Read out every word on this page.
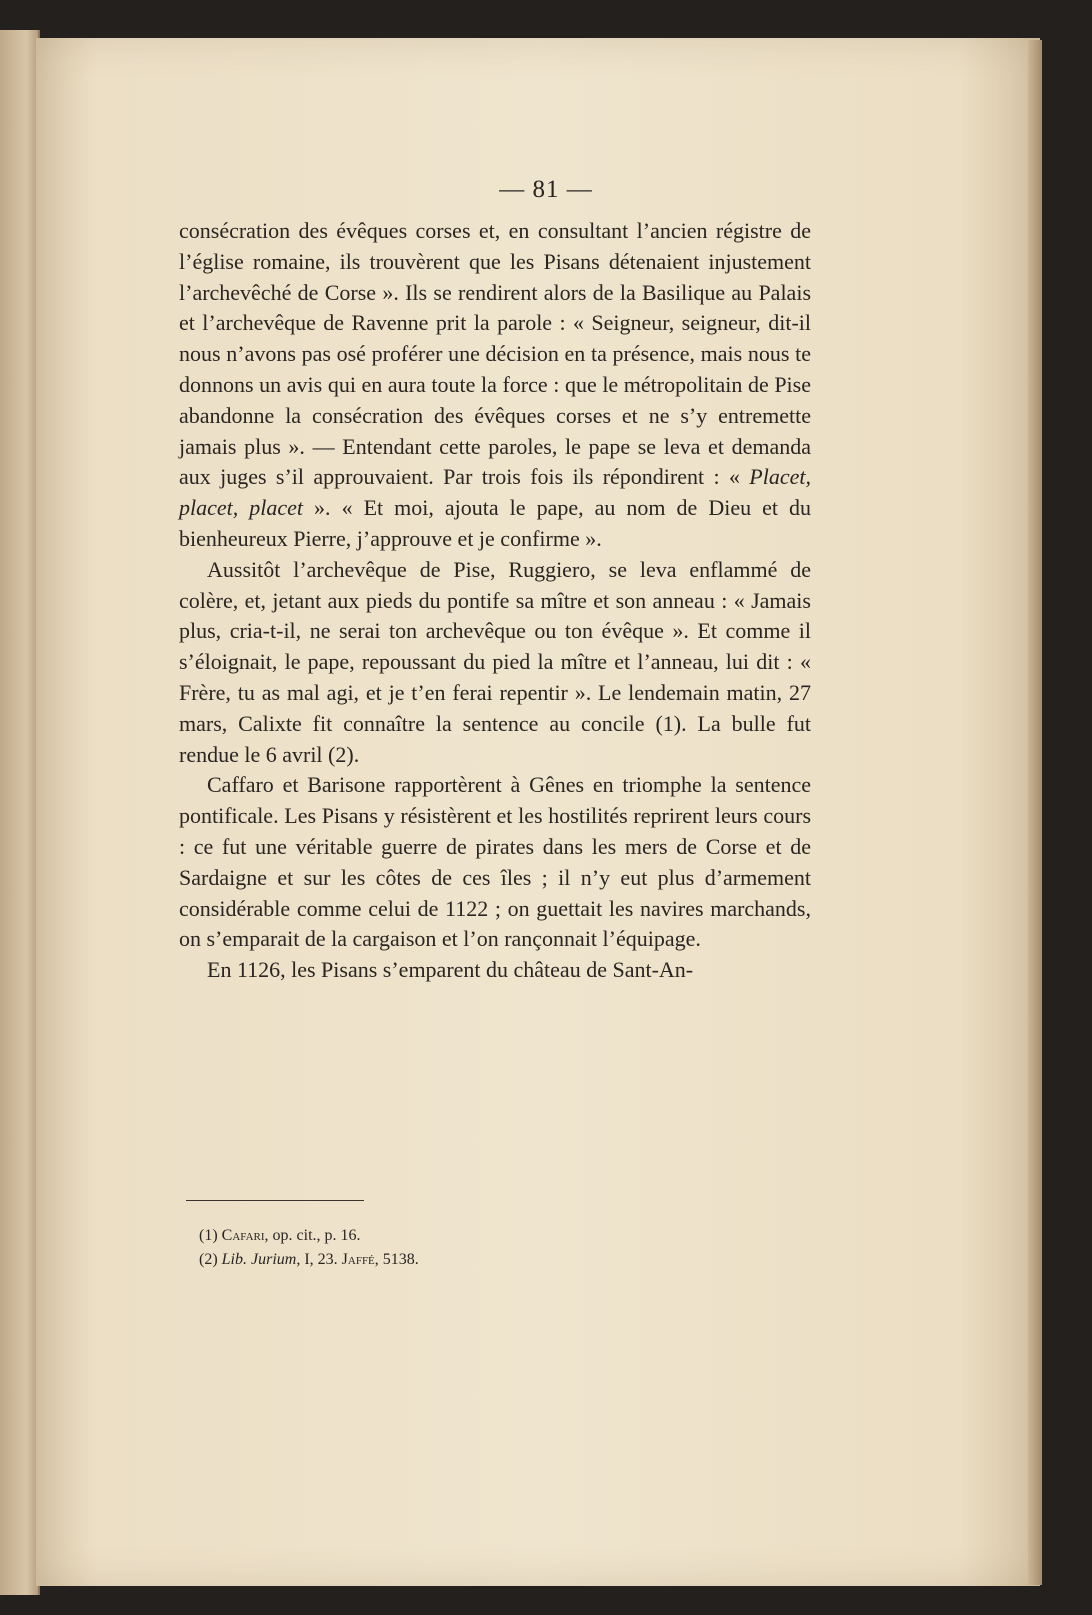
— 81 —

consécration des évêques corses et, en consultant l’ancien régistre de l’église romaine, ils trouvèrent que les Pisans détenaient injustement l’archevêché de Corse ». Ils se rendirent alors de la Basilique au Palais et l’archevêque de Ravenne prit la parole : « Seigneur, seigneur, dit-il nous n’avons pas osé proférer une décision en ta présence, mais nous te donnons un avis qui en aura toute la force : que le métropolitain de Pise abandonne la consécration des évêques corses et ne s’y entremette jamais plus ». — Entendant cette paroles, le pape se leva et demanda aux juges s’il approuvaient. Par trois fois ils répondirent : « Placet, placet, placet ». « Et moi, ajouta le pape, au nom de Dieu et du bienheureux Pierre, j’approuve et je confirme ».

Aussitôt l’archevêque de Pise, Ruggiero, se leva enflammé de colère, et, jetant aux pieds du pontife sa mître et son anneau : « Jamais plus, cria-t-il, ne serai ton archevêque ou ton évêque ». Et comme il s’éloignait, le pape, repoussant du pied la mître et l’anneau, lui dit : « Frère, tu as mal agi, et je t’en ferai repentir ». Le lendemain matin, 27 mars, Calixte fit connaître la sentence au concile (1). La bulle fut rendue le 6 avril (2).

Caffaro et Barisone rapportèrent à Gênes en triomphe la sentence pontificale. Les Pisans y résistèrent et les hostilités reprirent leurs cours : ce fut une véritable guerre de pirates dans les mers de Corse et de Sardaigne et sur les côtes de ces îles ; il n’y eut plus d’armement considérable comme celui de 1122 ; on guettait les navires marchands, on s’emparait de la cargaison et l’on rançonnait l’équipage.

En 1126, les Pisans s’emparent du château de Sant-An-

(1) Cafari, op. cit., p. 16.
(2) Lib. Jurium, I, 23. Jaffé, 5138.
